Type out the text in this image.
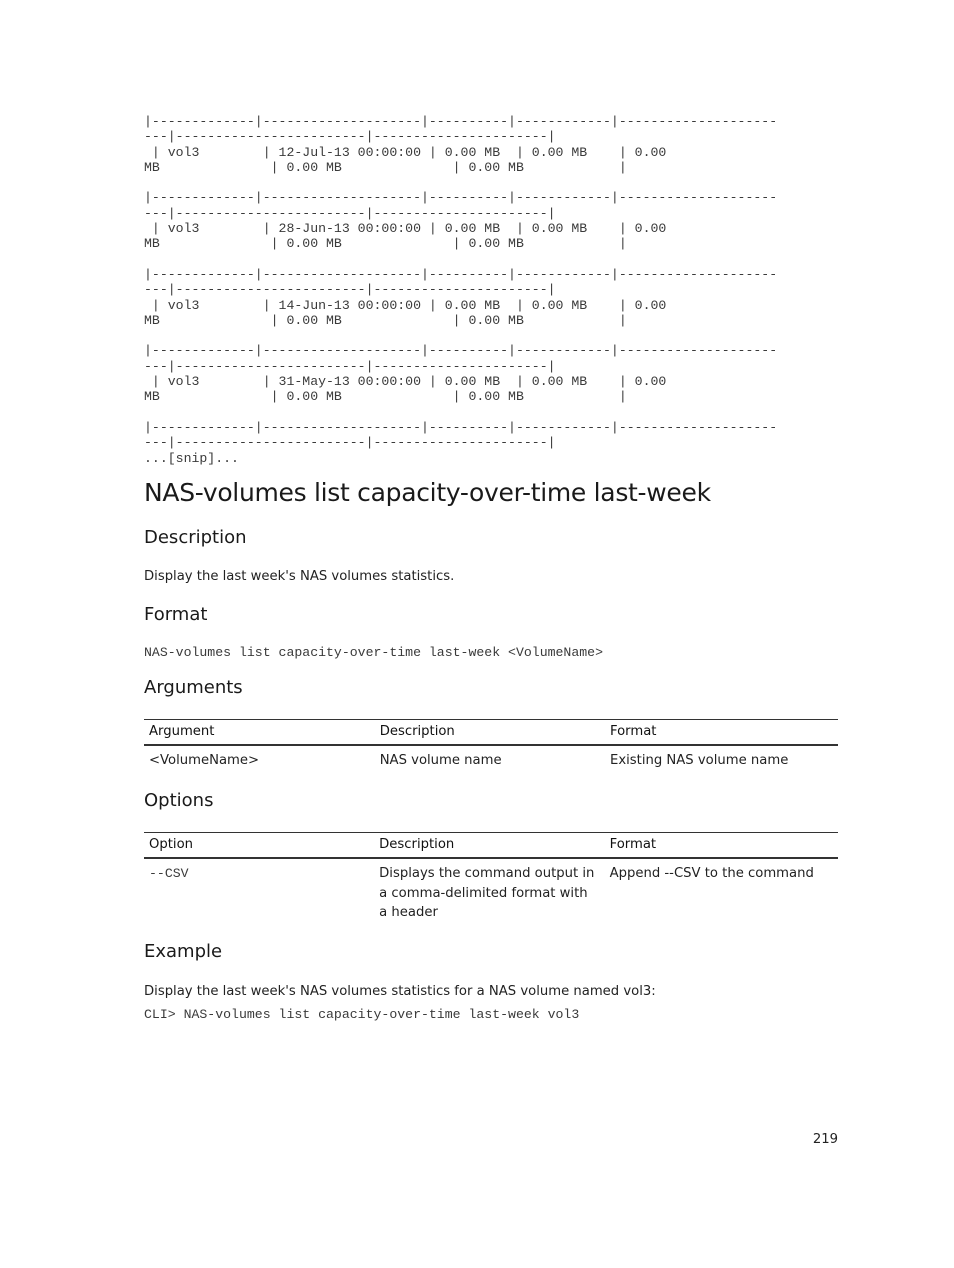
|-------------|--------------------|----------|------------|--------------------
---|------------------------|----------------------|
| vol3        | 12-Jul-13 00:00:00 | 0.00 MB  | 0.00 MB    | 0.00
MB              | 0.00 MB              | 0.00 MB            |

|-------------|--------------------|----------|------------|--------------------
---|------------------------|----------------------|
| vol3        | 28-Jun-13 00:00:00 | 0.00 MB  | 0.00 MB    | 0.00
MB              | 0.00 MB              | 0.00 MB            |

|-------------|--------------------|----------|------------|--------------------
---|------------------------|----------------------|
| vol3        | 14-Jun-13 00:00:00 | 0.00 MB  | 0.00 MB    | 0.00
MB              | 0.00 MB              | 0.00 MB            |

|-------------|--------------------|----------|------------|--------------------
---|------------------------|----------------------|
| vol3        | 31-May-13 00:00:00 | 0.00 MB  | 0.00 MB    | 0.00
MB              | 0.00 MB              | 0.00 MB            |

|-------------|--------------------|----------|------------|--------------------
---|------------------------|----------------------|
...[snip]...
NAS-volumes list capacity-over-time last-week
Description

Display the last week's NAS volumes statistics.

Format

NAS-volumes list capacity-over-time last-week <VolumeName>

Arguments
Argument	Description	Format
<VolumeName>	NAS volume name	Existing NAS volume name
Options
Option	Description	Format
--CSV	Displays the command output in a comma-delimited format with a header	Append --CSV to the command
Example

Display the last week's NAS volumes statistics for a NAS volume named vol3:

CLI> NAS-volumes list capacity-over-time last-week vol3

219
